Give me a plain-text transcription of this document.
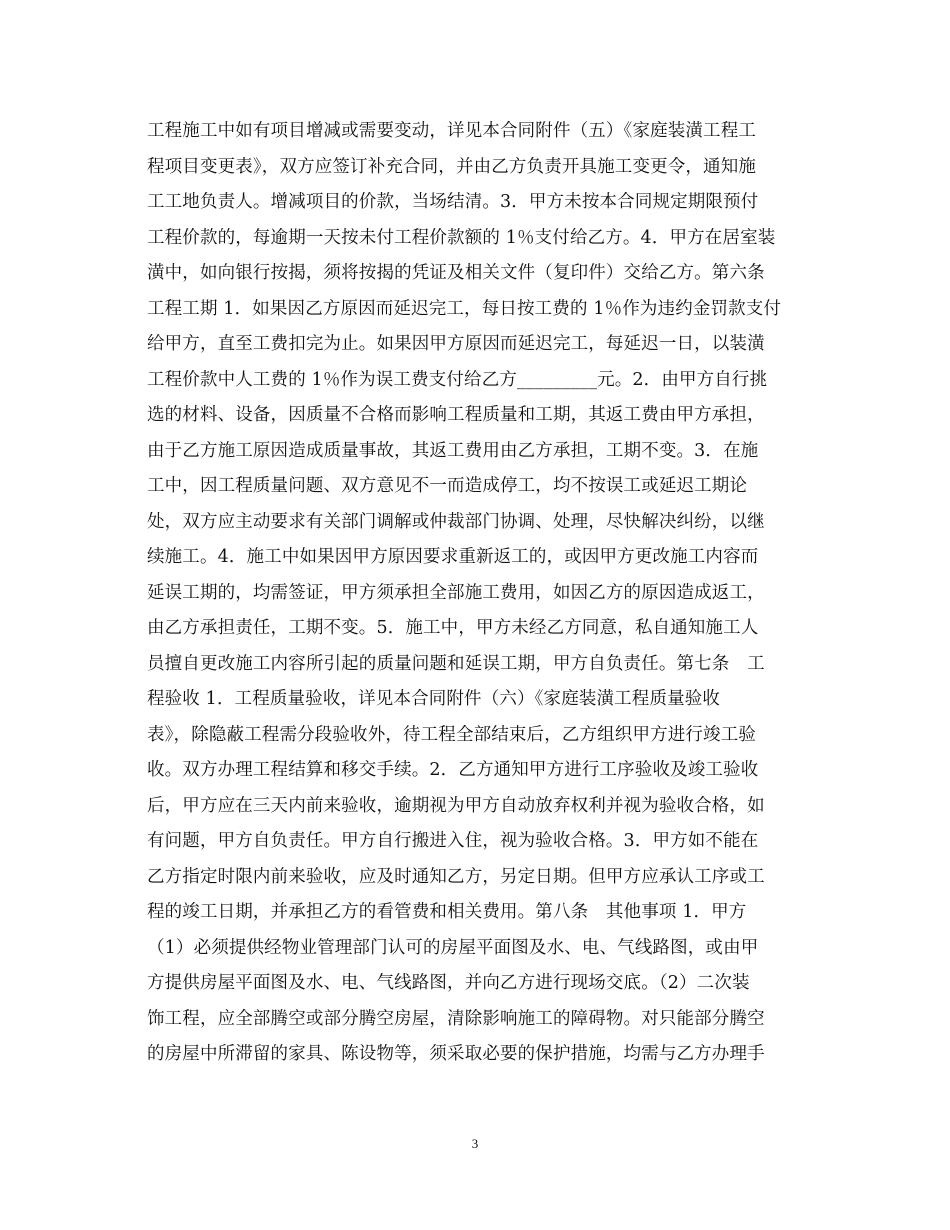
工程施工中如有项目增减或需要变动，详见本合同附件（五）《家庭装潢工程工
程项目变更表》，双方应签订补充合同，并由乙方负责开具施工变更令，通知施
工工地负责人。增减项目的价款，当场结清。3．甲方未按本合同规定期限预付
工程价款的，每逾期一天按未付工程价款额的 1％支付给乙方。4．甲方在居室装
潢中，如向银行按揭，须将按揭的凭证及相关文件（复印件）交给乙方。第六条
工程工期 1．如果因乙方原因而延迟完工，每日按工费的 1％作为违约金罚款支付
给甲方，直至工费扣完为止。如果因甲方原因而延迟完工，每延迟一日，以装潢
工程价款中人工费的 1％作为误工费支付给乙方_________元。2．由甲方自行挑
选的材料、设备，因质量不合格而影响工程质量和工期，其返工费由甲方承担，
由于乙方施工原因造成质量事故，其返工费用由乙方承担，工期不变。3．在施
工中，因工程质量问题、双方意见不一而造成停工，均不按误工或延迟工期论
处，双方应主动要求有关部门调解或仲裁部门协调、处理，尽快解决纠纷，以继
续施工。4．施工中如果因甲方原因要求重新返工的，或因甲方更改施工内容而
延误工期的，均需签证，甲方须承担全部施工费用，如因乙方的原因造成返工，
由乙方承担责任，工期不变。5．施工中，甲方未经乙方同意，私自通知施工人
员擅自更改施工内容所引起的质量问题和延误工期，甲方自负责任。第七条　工
程验收 1．工程质量验收，详见本合同附件（六）《家庭装潢工程质量验收
表》，除隐蔽工程需分段验收外，待工程全部结束后，乙方组织甲方进行竣工验
收。双方办理工程结算和移交手续。2．乙方通知甲方进行工序验收及竣工验收
后，甲方应在三天内前来验收，逾期视为甲方自动放弃权利并视为验收合格，如
有问题，甲方自负责任。甲方自行搬进入住，视为验收合格。3．甲方如不能在
乙方指定时限内前来验收，应及时通知乙方，另定日期。但甲方应承认工序或工
程的竣工日期，并承担乙方的看管费和相关费用。第八条　其他事项 1．甲方
（1）必须提供经物业管理部门认可的房屋平面图及水、电、气线路图，或由甲
方提供房屋平面图及水、电、气线路图，并向乙方进行现场交底。（2）二次装
饰工程，应全部腾空或部分腾空房屋，清除影响施工的障碍物。对只能部分腾空
的房屋中所滞留的家具、陈设物等，须采取必要的保护措施，均需与乙方办理手
3
